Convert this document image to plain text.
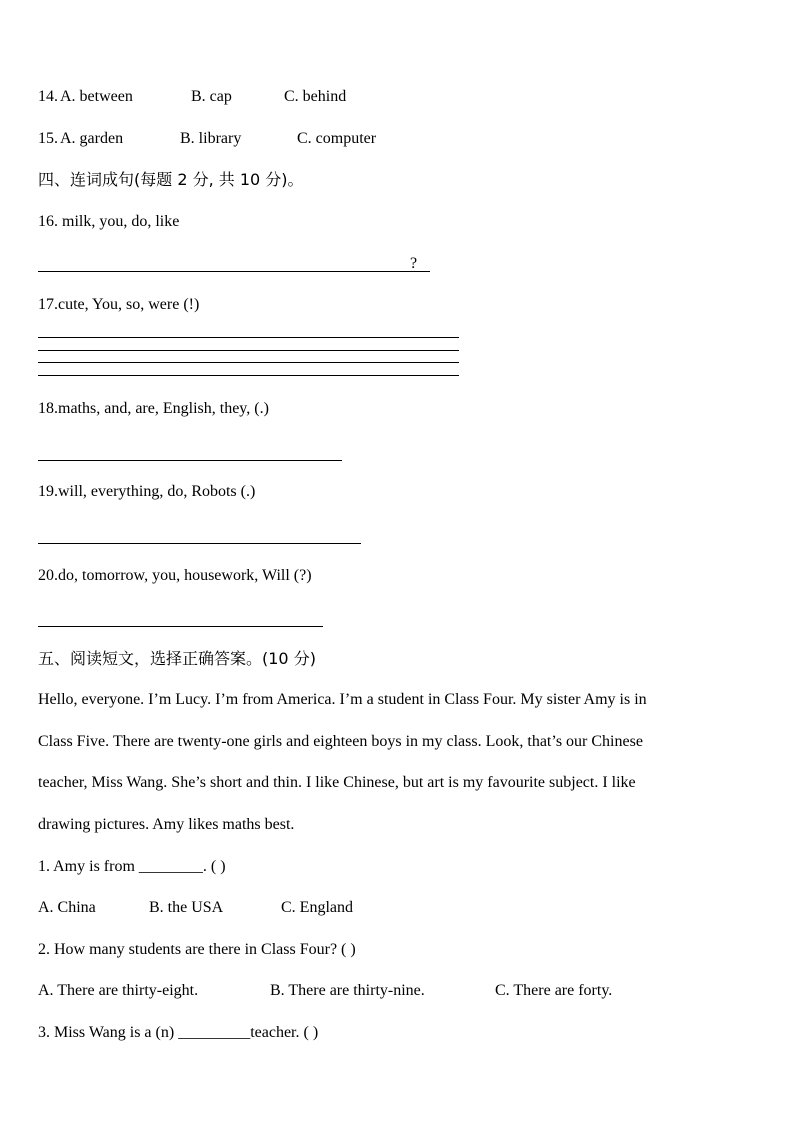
14. A. between	B. cap	C. behind
15. A. garden	B. library	C. computer
四、连词成句(每题 2 分, 共 10 分)。
16. milk, you, do, like
?
17.cute, You, so, were (!)
18.maths, and, are, English, they, (.)
19.will, everything, do, Robots (.)
20.do, tomorrow, you, housework, Will (?)
五、阅读短文，选择正确答案。(10 分)
Hello, everyone. I’m Lucy. I’m from America. I’m a student in Class Four. My sister Amy is in
Class Five. There are twenty-one girls and eighteen boys in my class. Look, that’s our Chinese
teacher, Miss Wang. She’s short and thin. I like Chinese, but art is my favourite subject. I like
drawing pictures. Amy likes maths best.
1. Amy is from ________. ( )
A. China	B. the USA	C. England
2. How many students are there in Class Four? ( )
A. There are thirty-eight.	B. There are thirty-nine.	C. There are forty.
3. Miss Wang is a (n) _________teacher. ( )
